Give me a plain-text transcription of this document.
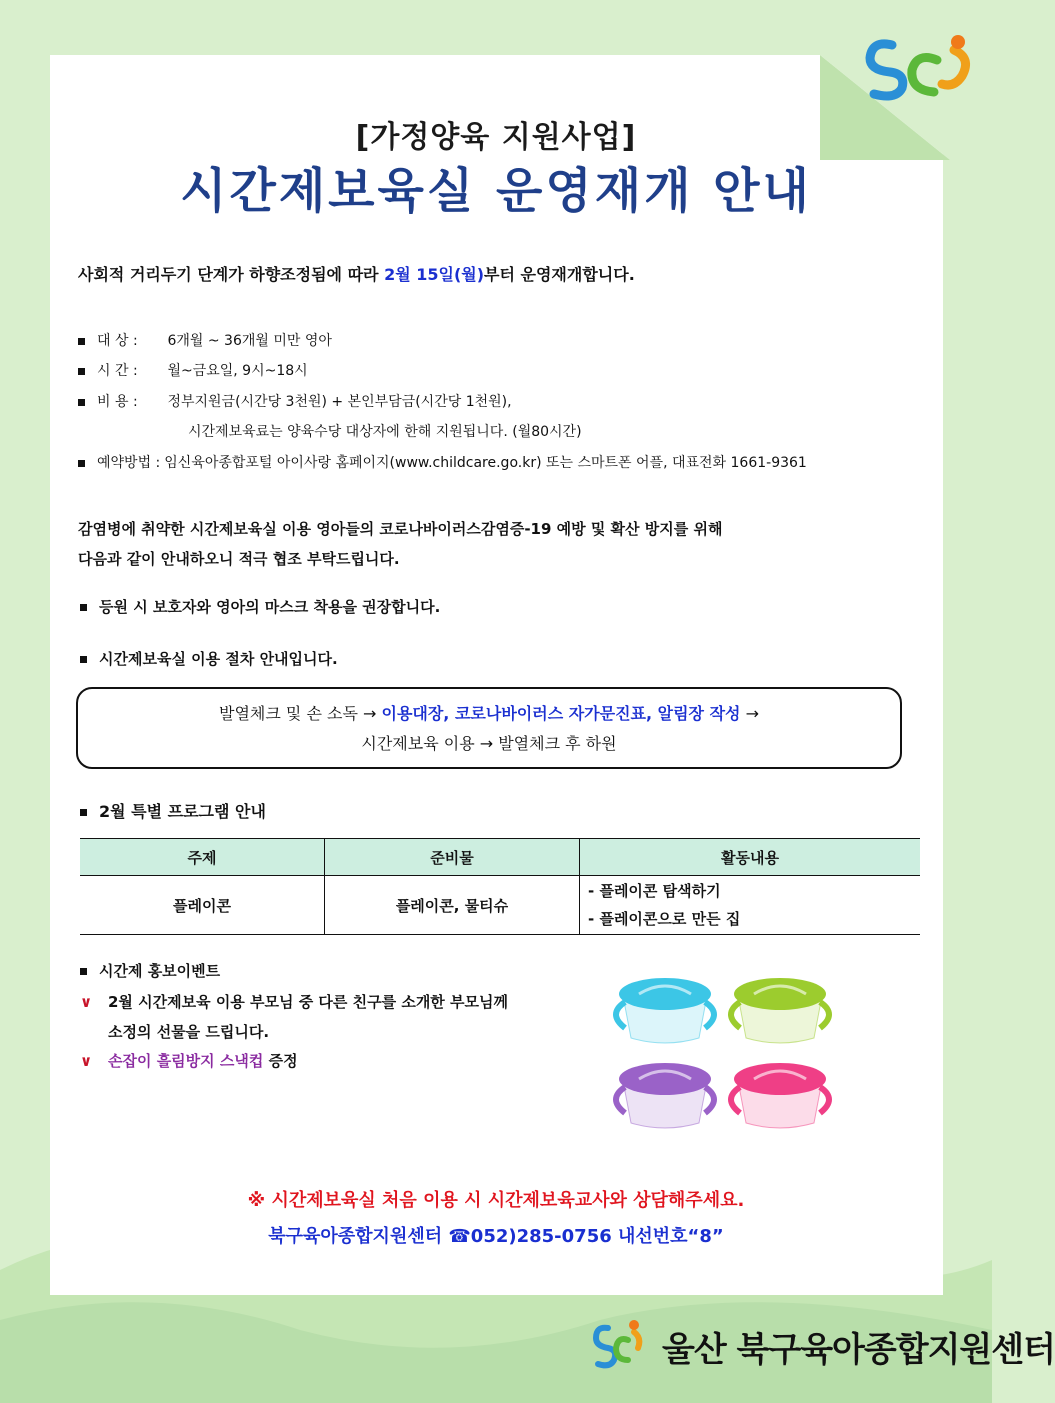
[가정양육 지원사업]
시간제보육실 운영재개 안내
사회적 거리두기 단계가 하향조정됨에 따라 2월 15일(월)부터 운영재개합니다.
대 상 : 6개월 ~ 36개월 미만 영아
시 간 : 월~금요일, 9시~18시
비 용 : 정부지원금(시간당 3천원) + 본인부담금(시간당 1천원),
시간제보육료는 양육수당 대상자에 한해 지원됩니다. (월80시간)
예약방법 : 임신육아종합포털 아이사랑 홈페이지(www.childcare.go.kr) 또는 스마트폰 어플, 대표전화 1661-9361
감염병에 취약한 시간제보육실 이용 영아들의 코로나바이러스감염증-19 예방 및 확산 방지를 위해
다음과 같이 안내하오니 적극 협조 부탁드립니다.
등원 시 보호자와 영아의 마스크 착용을 권장합니다.
시간제보육실 이용 절차 안내입니다.
발열체크 및 손 소독 → 이용대장, 코로나바이러스 자가문진표, 알림장 작성 →
시간제보육 이용 → 발열체크 후 하원
2월 특별 프로그램 안내
주제	준비물	활동내용
플레이콘	플레이콘, 물티슈	- 플레이콘 탐색하기
- 플레이콘으로 만든 집
시간제 홍보이벤트
∨ 2월 시간제보육 이용 부모님 중 다른 친구를 소개한 부모님께
소정의 선물을 드립니다.
∨ 손잡이 흘림방지 스낵컵 증정
※ 시간제보육실 처음 이용 시 시간제보육교사와 상담해주세요.
북구육아종합지원센터 ☎052)285-0756 내선번호“8”
울산 북구육아종합지원센터
